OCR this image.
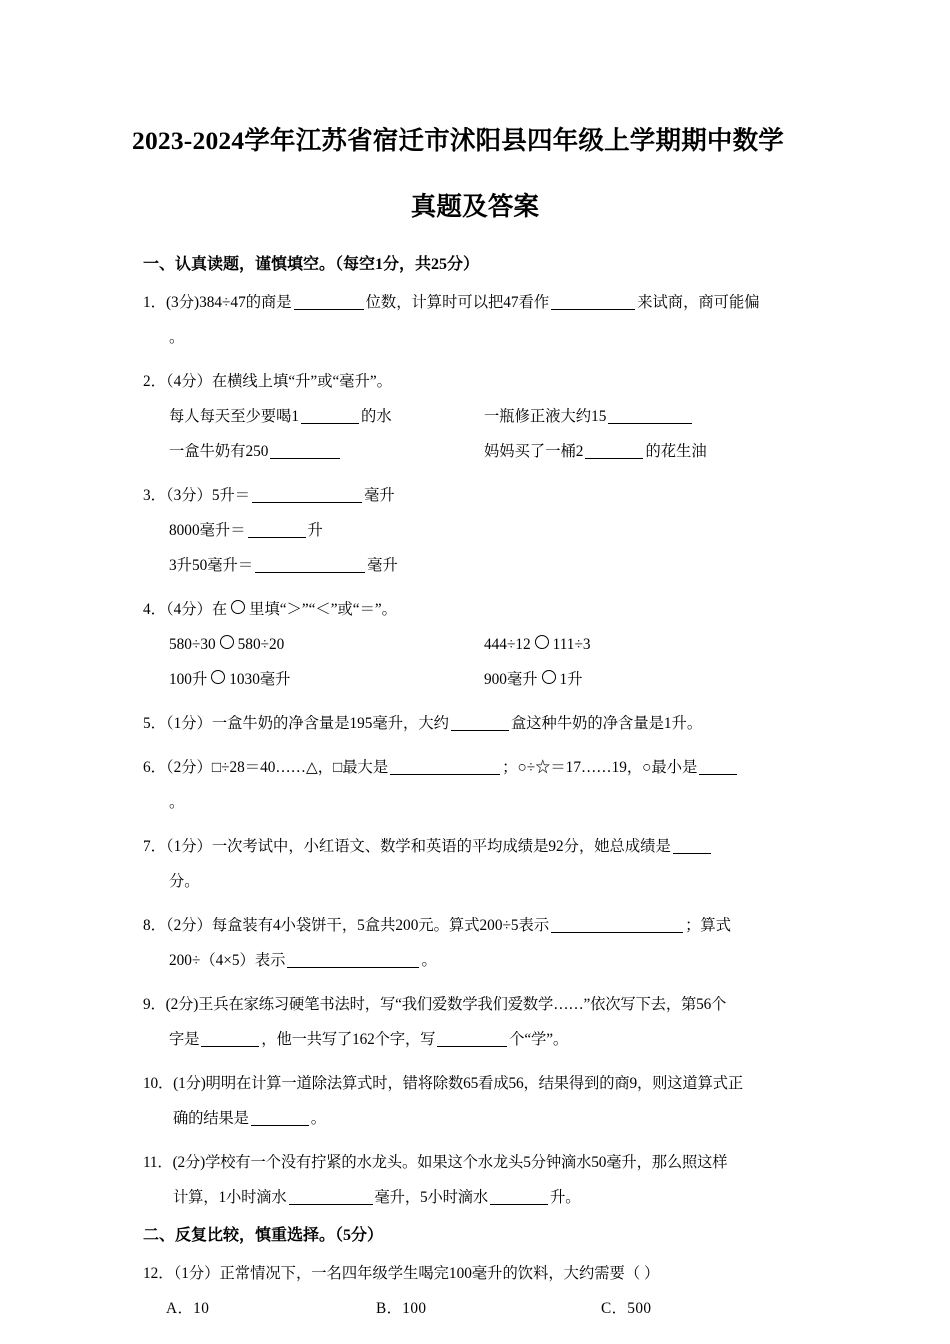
2023-2024学年江苏省宿迁市沭阳县四年级上学期期中数学
真题及答案
一、认真读题，谨慎填空。（每空1分，共25分）
1．(3分)384÷47的商是	位数，计算时可以把47看作	来试商，商可能偏
。
2．（4分）在横线上填“升”或“毫升”。
每人每天至少要喝1	的水	一瓶修正液大约15
一盒牛奶有250	妈妈买了一桶2	的花生油
3．（3分）5升＝	毫升
8000毫升＝	升
3升50毫升＝	毫升
4．（4分）在 里填“＞”“＜”或“＝”。
580÷30 580÷20	444÷12 111÷3
100升 1030毫升	900毫升 1升
5．（1分）一盒牛奶的净含量是195毫升，大约	盒这种牛奶的净含量是1升。
6．（2分）□÷28＝40……△，□最大是	；○÷☆＝17……19，○最小是
。
7．（1分）一次考试中，小红语文、数学和英语的平均成绩是92分，她总成绩是
分。
8．（2分）每盒装有4小袋饼干，5盒共200元。算式200÷5表示	；算式
200÷（4×5）表示	。
9．(2分)王兵在家练习硬笔书法时，写“我们爱数学我们爱数学……”依次写下去，第56个
字是	，他一共写了162个字，写	个“学”。
10．(1分)明明在计算一道除法算式时，错将除数65看成56，结果得到的商9，则这道算式正
确的结果是	。
11．(2分)学校有一个没有拧紧的水龙头。如果这个水龙头5分钟滴水50毫升，那么照这样
计算，1小时滴水	毫升，5小时滴水	升。
二、反复比较，慎重选择。（5分）
12．（1分）正常情况下，一名四年级学生喝完100毫升的饮料，大约需要（ ）
A．10	B．100	C．500
